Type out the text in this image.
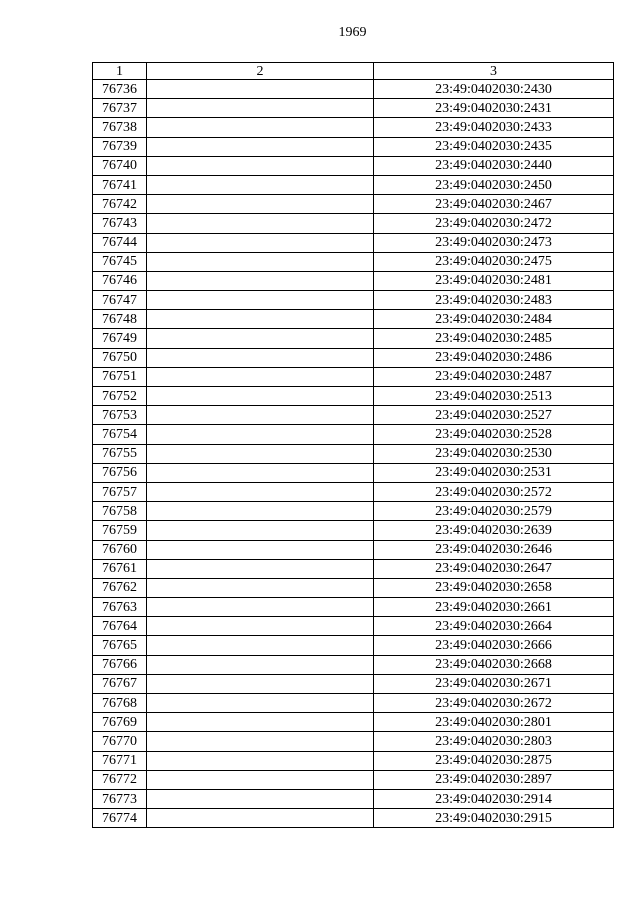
1969
1	2	3
76736		23:49:0402030:2430
76737		23:49:0402030:2431
76738		23:49:0402030:2433
76739		23:49:0402030:2435
76740		23:49:0402030:2440
76741		23:49:0402030:2450
76742		23:49:0402030:2467
76743		23:49:0402030:2472
76744		23:49:0402030:2473
76745		23:49:0402030:2475
76746		23:49:0402030:2481
76747		23:49:0402030:2483
76748		23:49:0402030:2484
76749		23:49:0402030:2485
76750		23:49:0402030:2486
76751		23:49:0402030:2487
76752		23:49:0402030:2513
76753		23:49:0402030:2527
76754		23:49:0402030:2528
76755		23:49:0402030:2530
76756		23:49:0402030:2531
76757		23:49:0402030:2572
76758		23:49:0402030:2579
76759		23:49:0402030:2639
76760		23:49:0402030:2646
76761		23:49:0402030:2647
76762		23:49:0402030:2658
76763		23:49:0402030:2661
76764		23:49:0402030:2664
76765		23:49:0402030:2666
76766		23:49:0402030:2668
76767		23:49:0402030:2671
76768		23:49:0402030:2672
76769		23:49:0402030:2801
76770		23:49:0402030:2803
76771		23:49:0402030:2875
76772		23:49:0402030:2897
76773		23:49:0402030:2914
76774		23:49:0402030:2915
